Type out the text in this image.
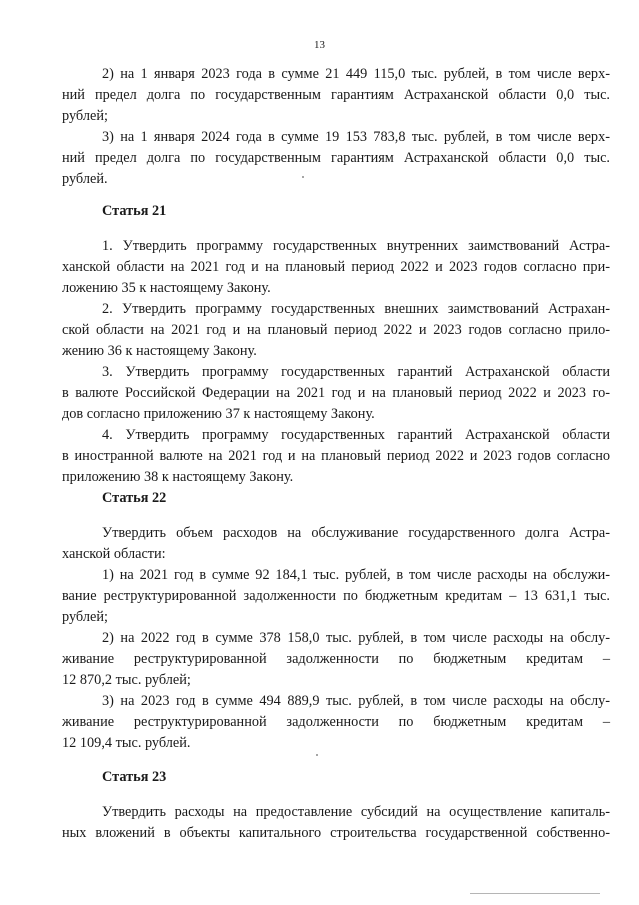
13
2) на 1 января 2023 года в сумме 21 449 115,0 тыс. рублей, в том числе верх-
ний предел долга по государственным гарантиям Астраханской области 0,0 тыс.
рублей;
3) на 1 января 2024 года в сумме 19 153 783,8 тыс. рублей, в том числе верх-
ний предел долга по государственным гарантиям Астраханской области 0,0 тыс.
рублей.
Статья 21
1. Утвердить программу государственных внутренних заимствований Астра-
ханской области на 2021 год и на плановый период 2022 и 2023 годов согласно при-
ложению 35 к настоящему Закону.
2. Утвердить программу государственных внешних заимствований Астрахан-
ской области на 2021 год и на плановый период 2022 и 2023 годов согласно прило-
жению 36 к настоящему Закону.
3. Утвердить программу государственных гарантий Астраханской области
в валюте Российской Федерации на 2021 год и на плановый период 2022 и 2023 го-
дов согласно приложению 37 к настоящему Закону.
4. Утвердить программу государственных гарантий Астраханской области
в иностранной валюте на 2021 год и на плановый период 2022 и 2023 годов согласно
приложению 38 к настоящему Закону.
Статья 22
Утвердить объем расходов на обслуживание государственного долга Астра-
ханской области:
1) на 2021 год в сумме 92 184,1 тыс. рублей, в том числе расходы на обслужи-
вание реструктурированной задолженности по бюджетным кредитам – 13 631,1 тыс.
рублей;
2) на 2022 год в сумме 378 158,0 тыс. рублей, в том числе расходы на обслу-
живание реструктурированной задолженности по бюджетным кредитам –
12 870,2 тыс. рублей;
3) на 2023 год в сумме 494 889,9 тыс. рублей, в том числе расходы на обслу-
живание реструктурированной задолженности по бюджетным кредитам –
12 109,4 тыс. рублей.
Статья 23
Утвердить расходы на предоставление субсидий на осуществление капиталь-
ных вложений в объекты капитального строительства государственной собственно-
